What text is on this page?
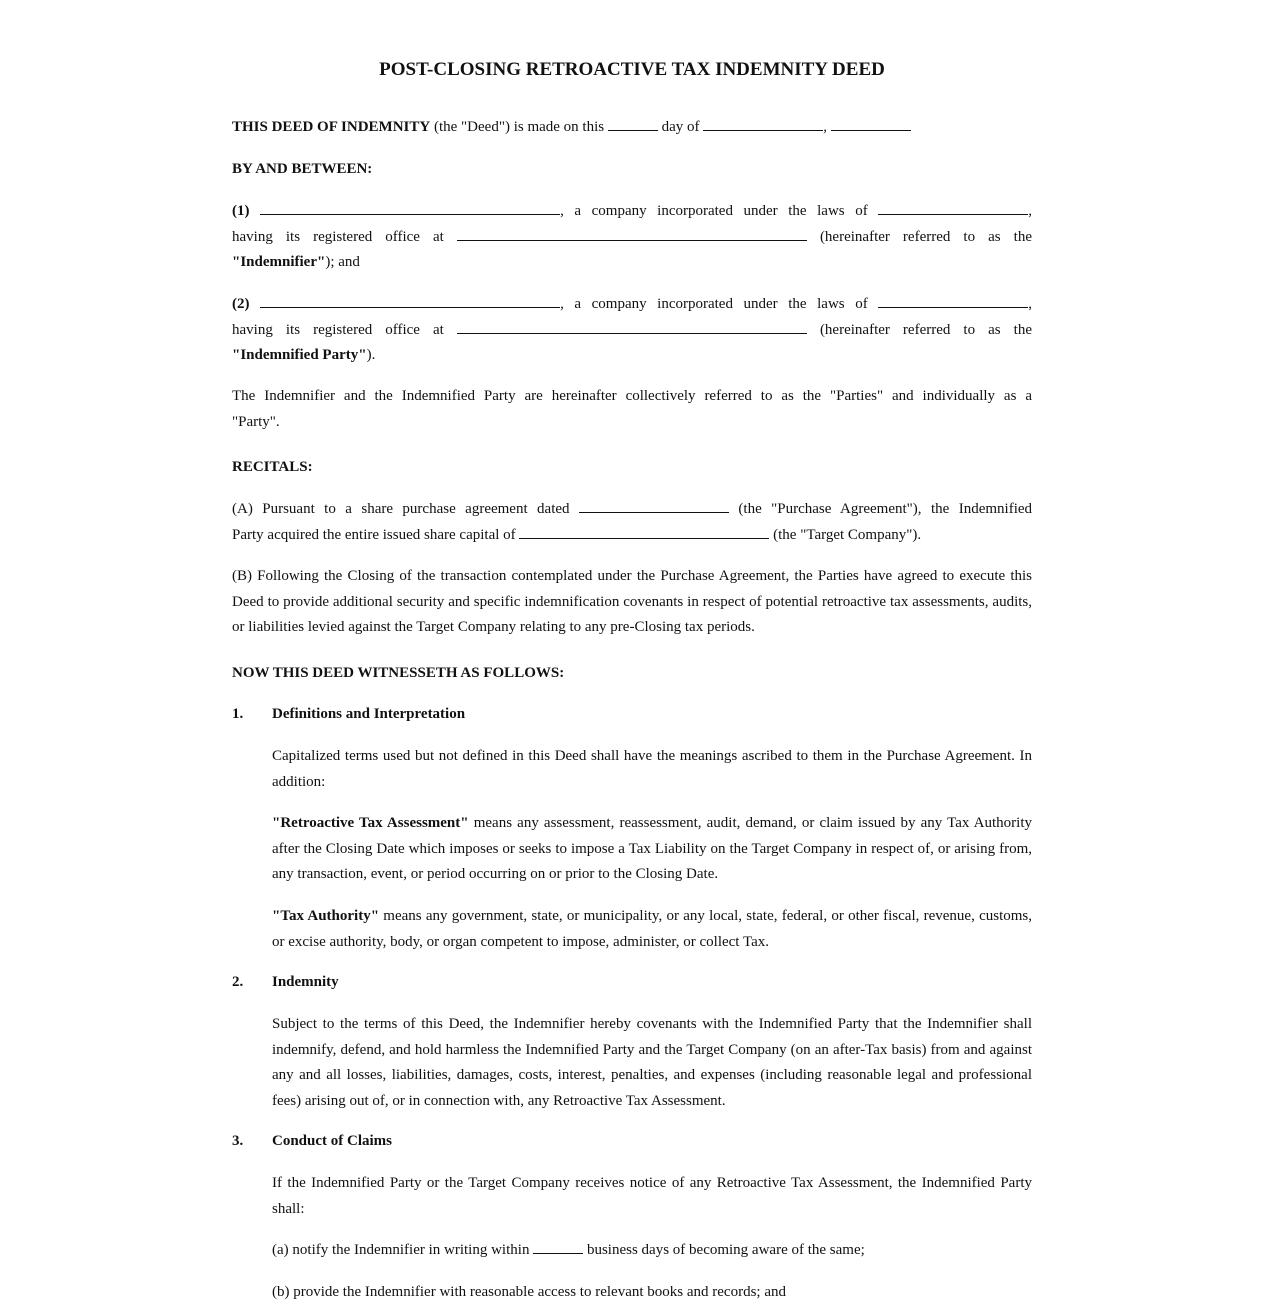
POST-CLOSING RETROACTIVE TAX INDEMNITY DEED
THIS DEED OF INDEMNITY (the "Deed") is made on this	day of	,
BY AND BETWEEN:
(1)	, a company incorporated under the laws of	,
having its registered office at	(hereinafter referred to as the
"Indemnifier"); and
(2)	, a company incorporated under the laws of	,
having its registered office at	(hereinafter referred to as the
"Indemnified Party").
The Indemnifier and the Indemnified Party are hereinafter collectively referred to as the "Parties" and individually as a
"Party".
RECITALS:
(A) Pursuant to a share purchase agreement dated	(the "Purchase Agreement"), the Indemnified
Party acquired the entire issued share capital of	(the "Target Company").
(B) Following the Closing of the transaction contemplated under the Purchase Agreement, the Parties have agreed to execute this Deed to provide additional security and specific indemnification covenants in respect of potential retroactive tax assessments, audits, or liabilities levied against the Target Company relating to any pre-Closing tax periods.
NOW THIS DEED WITNESSETH AS FOLLOWS:
1. Definitions and Interpretation
Capitalized terms used but not defined in this Deed shall have the meanings ascribed to them in the Purchase Agreement. In addition:
"Retroactive Tax Assessment" means any assessment, reassessment, audit, demand, or claim issued by any Tax Authority after the Closing Date which imposes or seeks to impose a Tax Liability on the Target Company in respect of, or arising from, any transaction, event, or period occurring on or prior to the Closing Date.
"Tax Authority" means any government, state, or municipality, or any local, state, federal, or other fiscal, revenue, customs, or excise authority, body, or organ competent to impose, administer, or collect Tax.
2. Indemnity
Subject to the terms of this Deed, the Indemnifier hereby covenants with the Indemnified Party that the Indemnifier shall indemnify, defend, and hold harmless the Indemnified Party and the Target Company (on an after-Tax basis) from and against any and all losses, liabilities, damages, costs, interest, penalties, and expenses (including reasonable legal and professional fees) arising out of, or in connection with, any Retroactive Tax Assessment.
3. Conduct of Claims
If the Indemnified Party or the Target Company receives notice of any Retroactive Tax Assessment, the Indemnified Party shall:
(a) notify the Indemnifier in writing within	business days of becoming aware of the same;
(b) provide the Indemnifier with reasonable access to relevant books and records; and
